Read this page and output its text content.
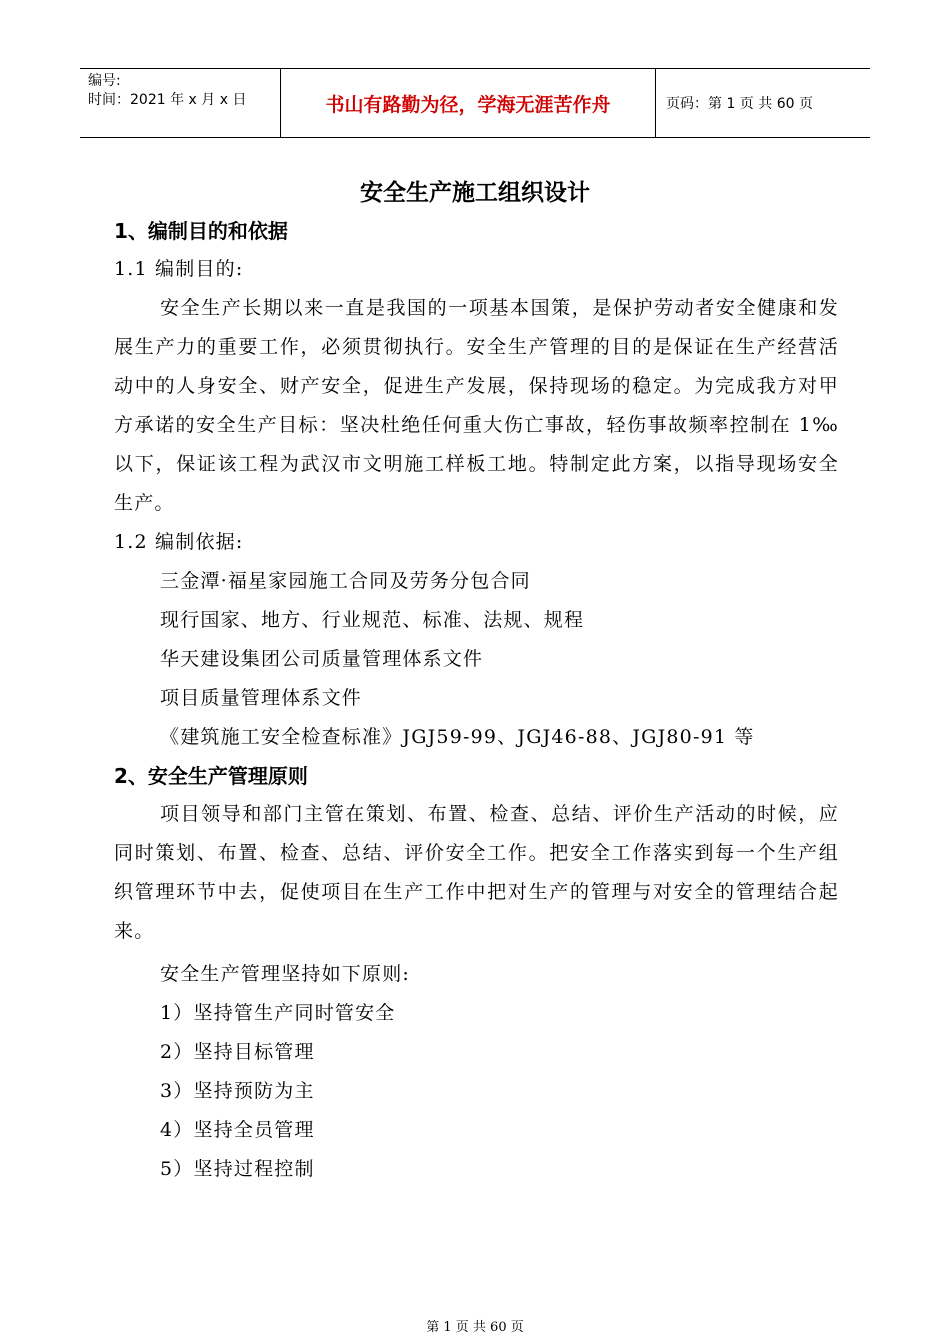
编号:
时间：2021 年 x 月 x 日	书山有路勤为径，学海无涯苦作舟	页码：第 1 页 共 60 页
安全生产施工组织设计
1、编制目的和依据
1.1 编制目的:
安全生产长期以来一直是我国的一项基本国策，是保护劳动者安全健康和发展生产力的重要工作，必须贯彻执行。安全生产管理的目的是保证在生产经营活动中的人身安全、财产安全，促进生产发展，保持现场的稳定。为完成我方对甲方承诺的安全生产目标：坚决杜绝任何重大伤亡事故，轻伤事故频率控制在 1‰ 以下，保证该工程为武汉市文明施工样板工地。特制定此方案，以指导现场安全生产。
1.2 编制依据:
三金潭·福星家园施工合同及劳务分包合同
现行国家、地方、行业规范、标准、法规、规程
华天建设集团公司质量管理体系文件
项目质量管理体系文件
《建筑施工安全检查标准》JGJ59-99、JGJ46-88、JGJ80-91 等
2、安全生产管理原则
项目领导和部门主管在策划、布置、检查、总结、评价生产活动的时候，应同时策划、布置、检查、总结、评价安全工作。把安全工作落实到每一个生产组织管理环节中去，促使项目在生产工作中把对生产的管理与对安全的管理结合起来。
安全生产管理坚持如下原则:
1）坚持管生产同时管安全
2）坚持目标管理
3）坚持预防为主
4）坚持全员管理
5）坚持过程控制
第 1 页 共 60 页
